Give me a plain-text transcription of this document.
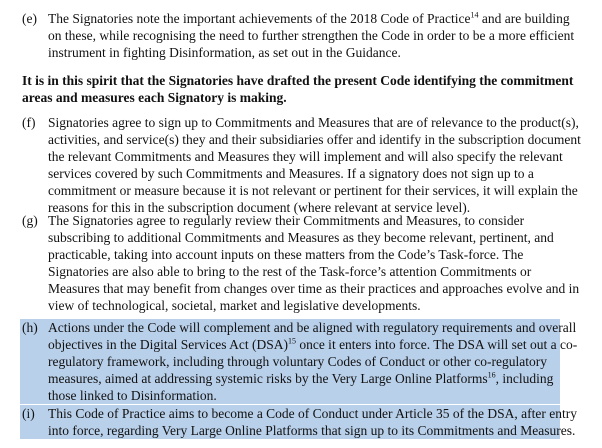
(e) The Signatories note the important achievements of the 2018 Code of Practice$^{14}$ and are building
on these, while recognising the need to further strengthen the Code in order to be a more efficient
instrument in fighting Disinformation, as set out in the Guidance.
It is in this spirit that the Signatories have drafted the present Code identifying the commitment
areas and measures each Signatory is making.
(f) Signatories agree to sign up to Commitments and Measures that are of relevance to the product(s),
activities, and service(s) they and their subsidiaries offer and identify in the subscription document
the relevant Commitments and Measures they will implement and will also specify the relevant
services covered by such Commitments and Measures. If a signatory does not sign up to a
commitment or measure because it is not relevant or pertinent for their services, it will explain the
reasons for this in the subscription document (where relevant at service level).
(g) The Signatories agree to regularly review their Commitments and Measures, to consider
subscribing to additional Commitments and Measures as they become relevant, pertinent, and
practicable, taking into account inputs on these matters from the Code’s Task-force. The
Signatories are also able to bring to the rest of the Task-force’s attention Commitments or
Measures that may benefit from changes over time as their practices and approaches evolve and in
view of technological, societal, market and legislative developments.
(h) Actions under the Code will complement and be aligned with regulatory requirements and overall
objectives in the Digital Services Act (DSA)$^{15}$ once it enters into force. The DSA will set out a co-
regulatory framework, including through voluntary Codes of Conduct or other co-regulatory
measures, aimed at addressing systemic risks by the Very Large Online Platforms$^{16}$, including
those linked to Disinformation.
(i) This Code of Practice aims to become a Code of Conduct under Article 35 of the DSA, after entry
into force, regarding Very Large Online Platforms that sign up to its Commitments and Measures.
